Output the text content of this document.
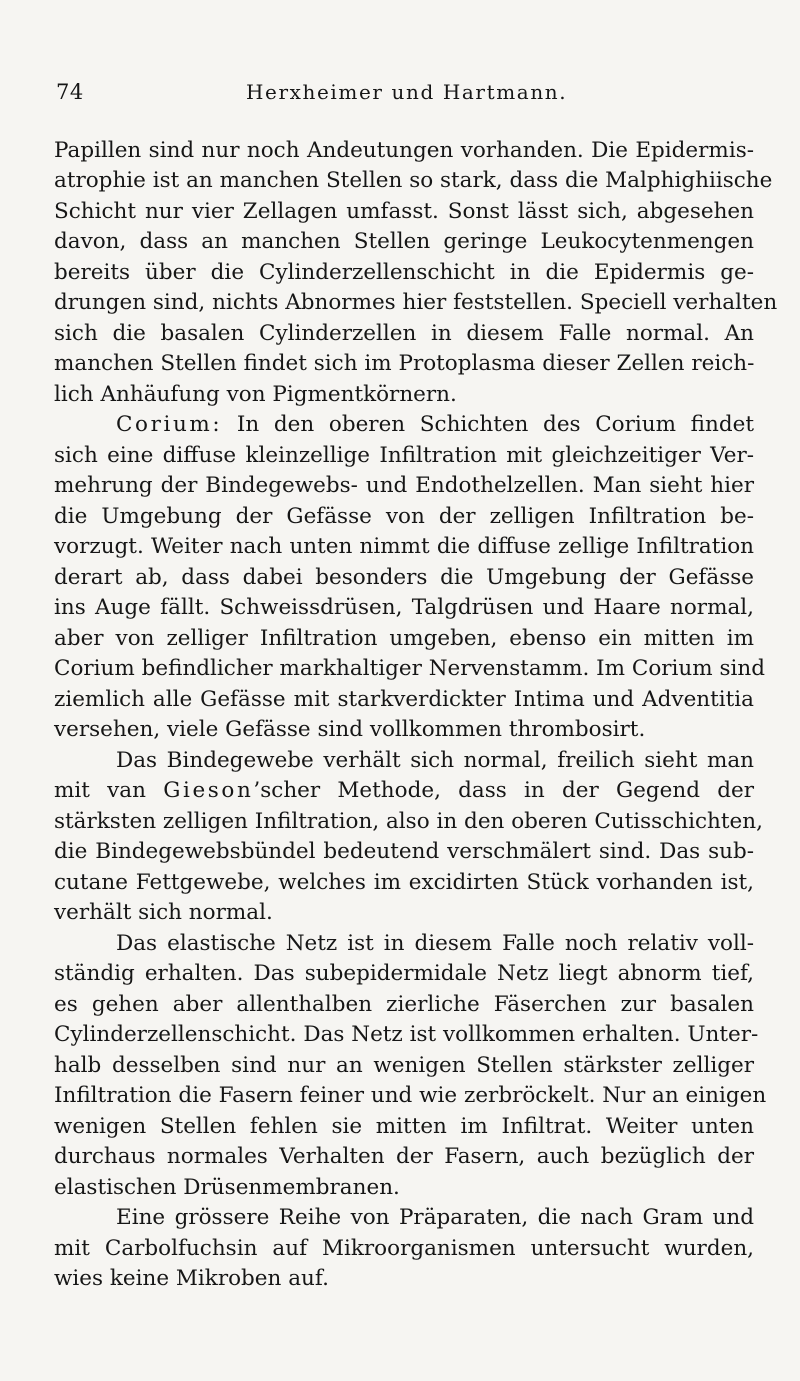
74	Herxheimer und Hartmann.
Papillen sind nur noch Andeutungen vorhanden. Die Epidermis-
atrophie ist an manchen Stellen so stark, dass die Malphighiische
Schicht nur vier Zellagen umfasst. Sonst lässt sich, abgesehen
davon, dass an manchen Stellen geringe Leukocytenmengen
bereits über die Cylinderzellenschicht in die Epidermis ge-
drungen sind, nichts Abnormes hier feststellen. Speciell verhalten
sich die basalen Cylinderzellen in diesem Falle normal. An
manchen Stellen findet sich im Protoplasma dieser Zellen reich-
lich Anhäufung von Pigmentkörnern.
Corium: In den oberen Schichten des Corium findet
sich eine diffuse kleinzellige Infiltration mit gleichzeitiger Ver-
mehrung der Bindegewebs- und Endothelzellen. Man sieht hier
die Umgebung der Gefässe von der zelligen Infiltration be-
vorzugt. Weiter nach unten nimmt die diffuse zellige Infiltration
derart ab, dass dabei besonders die Umgebung der Gefässe
ins Auge fällt. Schweissdrüsen, Talgdrüsen und Haare normal,
aber von zelliger Infiltration umgeben, ebenso ein mitten im
Corium befindlicher markhaltiger Nervenstamm. Im Corium sind
ziemlich alle Gefässe mit starkverdickter Intima und Adventitia
versehen, viele Gefässe sind vollkommen thrombosirt.
Das Bindegewebe verhält sich normal, freilich sieht man
mit van Gieson’scher Methode, dass in der Gegend der
stärksten zelligen Infiltration, also in den oberen Cutisschichten,
die Bindegewebsbündel bedeutend verschmälert sind. Das sub-
cutane Fettgewebe, welches im excidirten Stück vorhanden ist,
verhält sich normal.
Das elastische Netz ist in diesem Falle noch relativ voll-
ständig erhalten. Das subepidermidale Netz liegt abnorm tief,
es gehen aber allenthalben zierliche Fäserchen zur basalen
Cylinderzellenschicht. Das Netz ist vollkommen erhalten. Unter-
halb desselben sind nur an wenigen Stellen stärkster zelliger
Infiltration die Fasern feiner und wie zerbröckelt. Nur an einigen
wenigen Stellen fehlen sie mitten im Infiltrat. Weiter unten
durchaus normales Verhalten der Fasern, auch bezüglich der
elastischen Drüsenmembranen.
Eine grössere Reihe von Präparaten, die nach Gram und
mit Carbolfuchsin auf Mikroorganismen untersucht wurden,
wies keine Mikroben auf.
